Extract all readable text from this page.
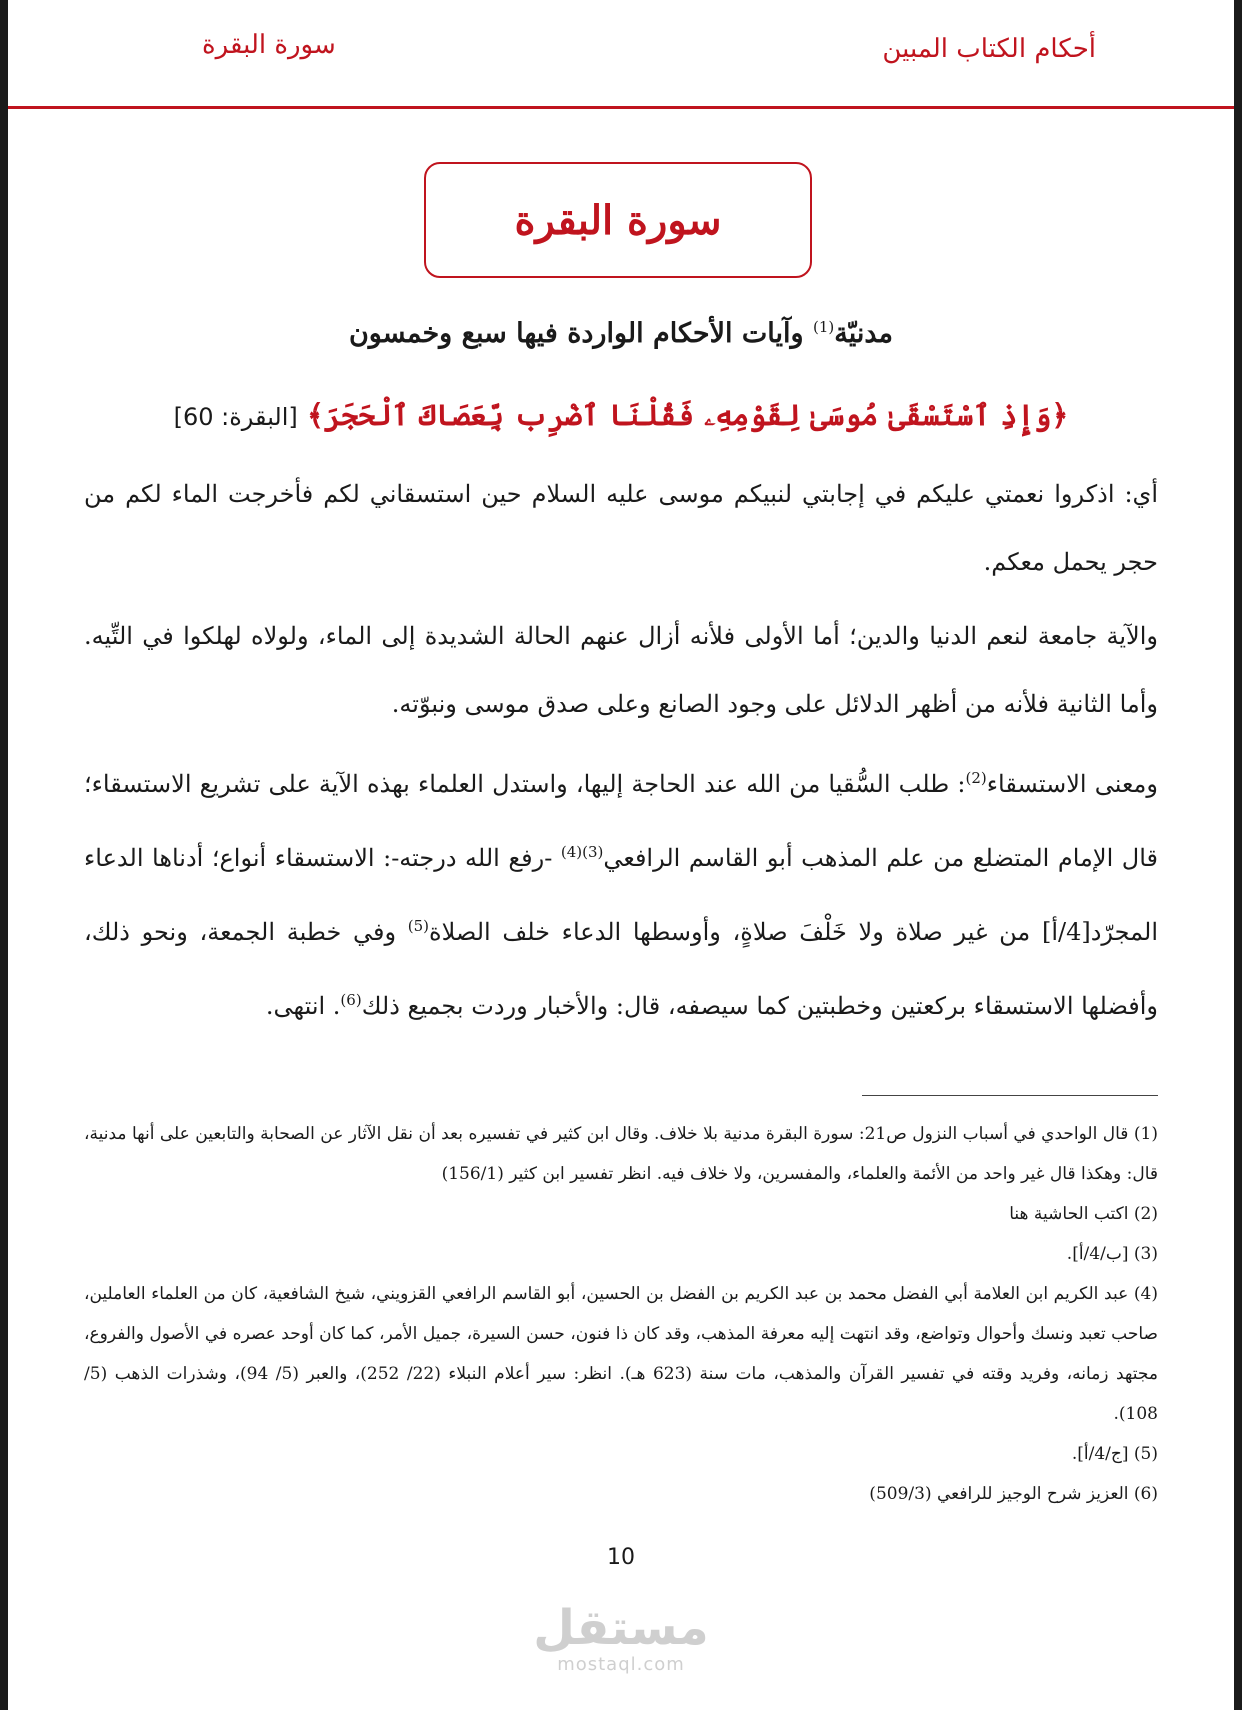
سورة البقرة	أحكام الكتاب المبين
سورة البقرة
مدنيّة$^{(1)}$ وآيات الأحكام الواردة فيها سبع وخمسون
﴿وَإِذِ ٱسْتَسْقَىٰ مُوسَىٰ لِقَوْمِهِۦ فَقُلْنَا ٱضْرِب بِّعَصَاكَ ٱلْحَجَرَ﴾ [البقرة: 60]

أي: اذكروا نعمتي عليكم في إجابتي لنبيكم موسى عليه السلام حين استسقاني لكم فأخرجت الماء لكم من حجر يحمل معكم.

والآية جامعة لنعم الدنيا والدين؛ أما الأولى فلأنه أزال عنهم الحالة الشديدة إلى الماء، ولولاه لهلكوا في التِّيه. وأما الثانية فلأنه من أظهر الدلائل على وجود الصانع وعلى صدق موسى ونبوّته.

ومعنى الاستسقاء$^{(2)}$: طلب السُّقيا من الله عند الحاجة إليها، واستدل العلماء بهذه الآية على تشريع الاستسقاء؛ قال الإمام المتضلع من علم المذهب أبو القاسم الرافعي$^{(3)(4)}$ -رفع الله درجته-: الاستسقاء أنواع؛ أدناها الدعاء المجرّد[4/أ] من غير صلاة ولا خَلْفَ صلاةٍ، وأوسطها الدعاء خلف الصلاة$^{(5)}$ وفي خطبة الجمعة، ونحو ذلك، وأفضلها الاستسقاء بركعتين وخطبتين كما سيصفه، قال: والأخبار وردت بجميع ذلك$^{(6)}$. انتهى.

(1) قال الواحدي في أسباب النزول ص21: سورة البقرة مدنية بلا خلاف. وقال ابن كثير في تفسيره بعد أن نقل الآثار عن الصحابة والتابعين على أنها مدنية، قال: وهكذا قال غير واحد من الأئمة والعلماء، والمفسرين، ولا خلاف فيه. انظر تفسير ابن كثير (156/1)

(2) اكتب الحاشية هنا

(3) [ب/4/أ].

(4) عبد الكريم ابن العلامة أبي الفضل محمد بن عبد الكريم بن الفضل بن الحسين، أبو القاسم الرافعي القزويني، شيخ الشافعية، كان من العلماء العاملين، صاحب تعبد ونسك وأحوال وتواضع، وقد انتهت إليه معرفة المذهب، وقد كان ذا فنون، حسن السيرة، جميل الأمر، كما كان أوحد عصره في الأصول والفروع، مجتهد زمانه، وفريد وقته في تفسير القرآن والمذهب، مات سنة (623 هـ). انظر: سير أعلام النبلاء (22/ 252)، والعبر (5/ 94)، وشذرات الذهب (5/ 108).

(5) [ج/4/أ].

(6) العزيز شرح الوجيز للرافعي (509/3)

10
مستقل
mostaql.com
